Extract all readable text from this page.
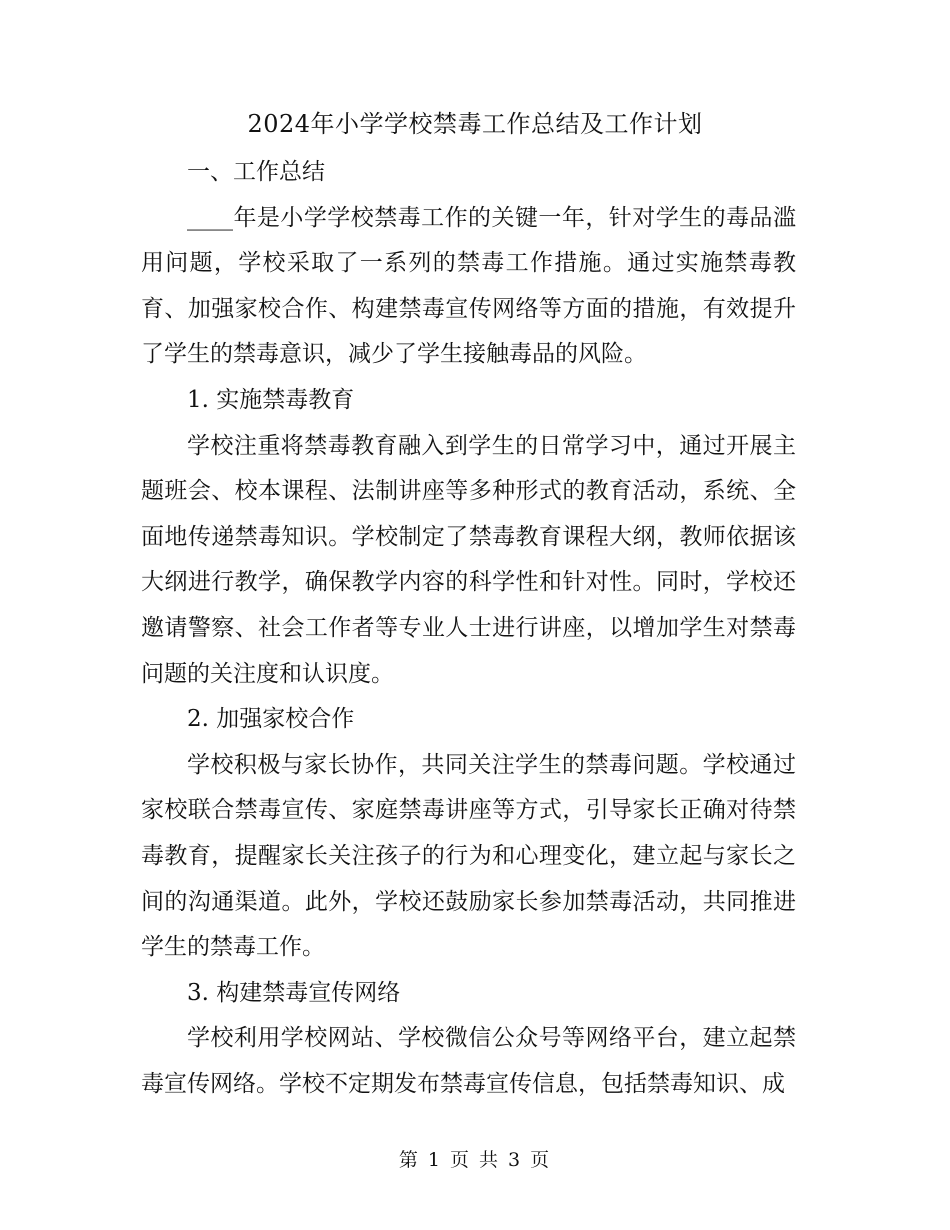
2024年小学学校禁毒工作总结及工作计划

一、工作总结

____年是小学学校禁毒工作的关键一年，针对学生的毒品滥用问题，学校采取了一系列的禁毒工作措施。通过实施禁毒教育、加强家校合作、构建禁毒宣传网络等方面的措施，有效提升了学生的禁毒意识，减少了学生接触毒品的风险。

1. 实施禁毒教育

学校注重将禁毒教育融入到学生的日常学习中，通过开展主题班会、校本课程、法制讲座等多种形式的教育活动，系统、全面地传递禁毒知识。学校制定了禁毒教育课程大纲，教师依据该大纲进行教学，确保教学内容的科学性和针对性。同时，学校还邀请警察、社会工作者等专业人士进行讲座，以增加学生对禁毒问题的关注度和认识度。

2. 加强家校合作

学校积极与家长协作，共同关注学生的禁毒问题。学校通过家校联合禁毒宣传、家庭禁毒讲座等方式，引导家长正确对待禁毒教育，提醒家长关注孩子的行为和心理变化，建立起与家长之间的沟通渠道。此外，学校还鼓励家长参加禁毒活动，共同推进学生的禁毒工作。

3. 构建禁毒宣传网络

学校利用学校网站、学校微信公众号等网络平台，建立起禁毒宣传网络。学校不定期发布禁毒宣传信息，包括禁毒知识、成

第 1 页 共 3 页
